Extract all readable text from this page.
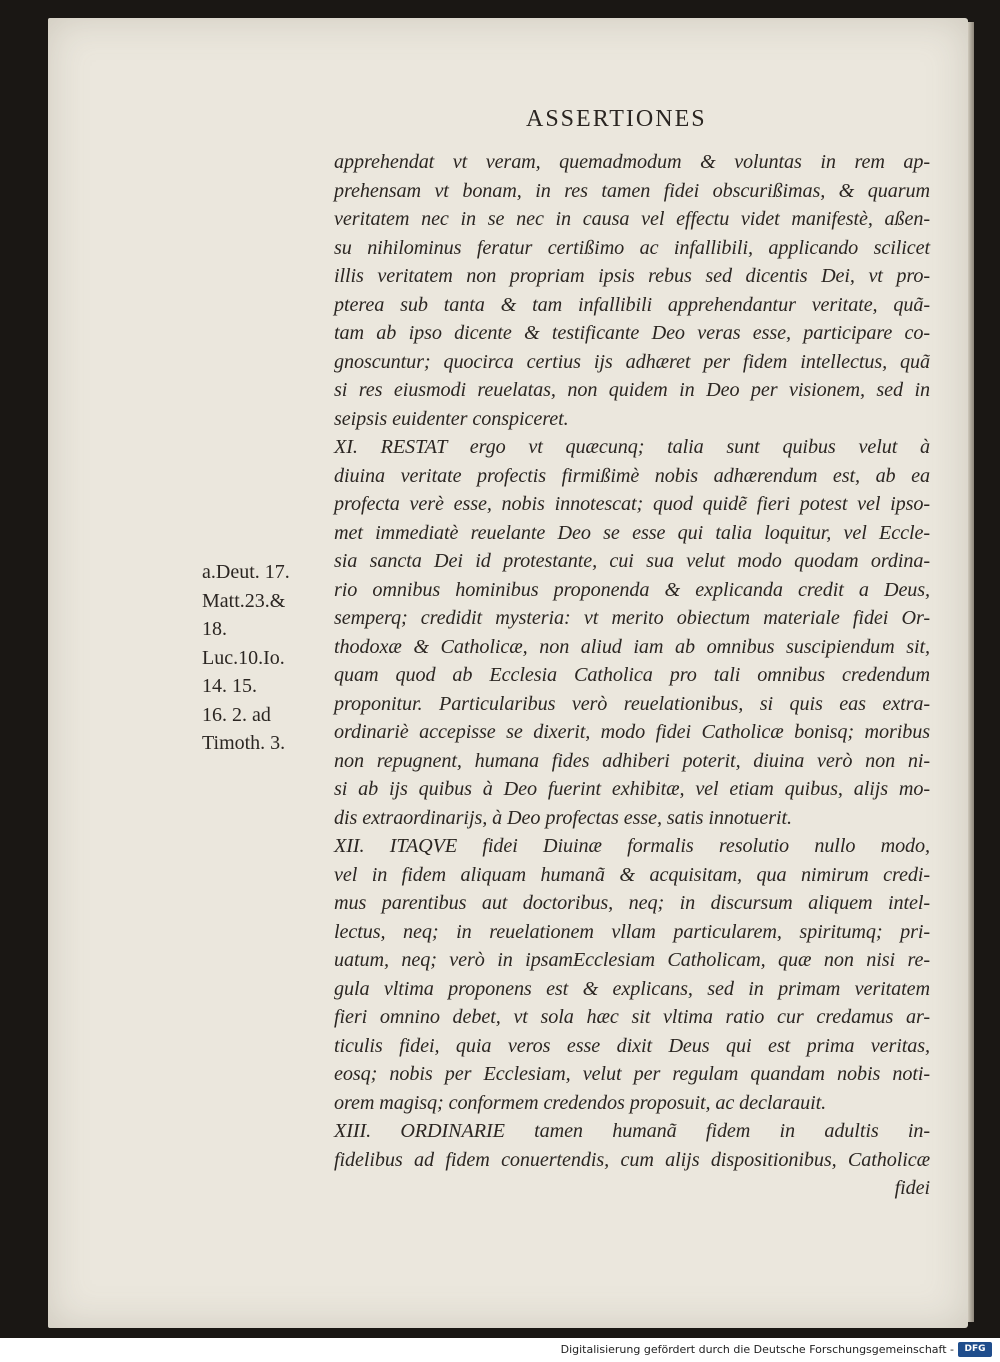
ASSERTIONES
apprehendat vt veram, quemadmodum & voluntas in rem ap-
prehensam vt bonam, in res tamen fidei obscurißimas, & quarum
veritatem nec in se nec in causa vel effectu videt manifestè, aßen-
su nihilominus feratur certißimo ac infallibili, applicando scilicet
illis veritatem non propriam ipsis rebus sed dicentis Dei, vt pro-
pterea sub tanta & tam infallibili apprehendantur veritate, quã-
tam ab ipso dicente & testificante Deo veras esse, participare co-
gnoscuntur; quocirca certius ijs adhæret per fidem intellectus, quã
si res eiusmodi reuelatas, non quidem in Deo per visionem, sed in
seipsis euidenter conspiceret.
XI. RESTAT ergo vt quæcunq; talia sunt quibus velut à
diuina veritate profectis firmißimè nobis adhærendum est, ab ea
profecta verè esse, nobis innotescat; quod quidẽ fieri potest vel ipso-
met immediatè reuelante Deo se esse qui talia loquitur, vel Eccle-
sia sancta Dei id protestante, cui sua velut modo quodam ordina-
rio omnibus hominibus proponenda & explicanda credit a Deus,
semperq; credidit mysteria: vt merito obiectum materiale fidei Or-
thodoxæ & Catholicæ, non aliud iam ab omnibus suscipiendum sit,
quam quod ab Ecclesia Catholica pro tali omnibus credendum
proponitur. Particularibus verò reuelationibus, si quis eas extra-
ordinariè accepisse se dixerit, modo fidei Catholicæ bonisq; moribus
non repugnent, humana fides adhiberi poterit, diuina verò non ni-
si ab ijs quibus à Deo fuerint exhibitæ, vel etiam quibus, alijs mo-
dis extraordinarijs, à Deo profectas esse, satis innotuerit.
XII. ITAQVE fidei Diuinæ formalis resolutio nullo modo,
vel in fidem aliquam humanã & acquisitam, qua nimirum credi-
mus parentibus aut doctoribus, neq; in discursum aliquem intel-
lectus, neq; in reuelationem vllam particularem, spiritumq; pri-
uatum, neq; verò in ipsamEcclesiam Catholicam, quæ non nisi re-
gula vltima proponens est & explicans, sed in primam veritatem
fieri omnino debet, vt sola hæc sit vltima ratio cur credamus ar-
ticulis fidei, quia veros esse dixit Deus qui est prima veritas,
eosq; nobis per Ecclesiam, velut per regulam quandam nobis noti-
orem magisq; conformem credendos proposuit, ac declarauit.
XIII. ORDINARIE tamen humanã fidem in adultis in-
fidelibus ad fidem conuertendis, cum alijs dispositionibus, Catholicæ
fidei
a.Deut. 17.
Matt.23.&
18.
Luc.10.Io.
14. 15.
16. 2. ad
Timoth. 3.
Digitalisierung gefördert durch die Deutsche Forschungsgemeinschaft -	DFG
